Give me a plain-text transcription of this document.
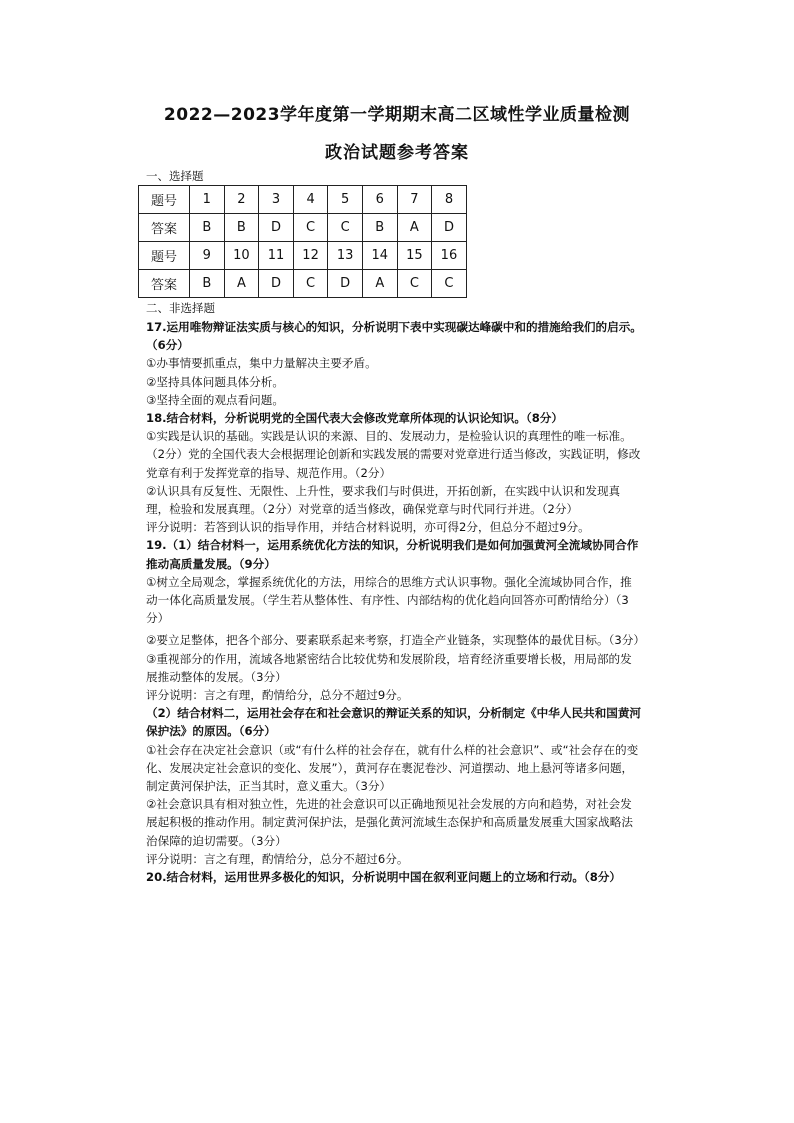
2022—2023学年度第一学期期末高二区域性学业质量检测
政治试题参考答案
一、选择题
题号	1	2	3	4	5	6	7	8
答案	B	B	D	C	C	B	A	D
题号	9	10	11	12	13	14	15	16
答案	B	A	D	C	D	A	C	C
二、非选择题

17.运用唯物辩证法实质与核心的知识，分析说明下表中实现碳达峰碳中和的措施给我们的启示。（6分）

①办事情要抓重点，集中力量解决主要矛盾。

②坚持具体问题具体分析。

③坚持全面的观点看问题。

18.结合材料，分析说明党的全国代表大会修改党章所体现的认识论知识。（8分）

①实践是认识的基础。实践是认识的来源、目的、发展动力，是检验认识的真理性的唯一标准。（2分）党的全国代表大会根据理论创新和实践发展的需要对党章进行适当修改，实践证明，修改党章有利于发挥党章的指导、规范作用。（2分）

②认识具有反复性、无限性、上升性，要求我们与时俱进，开拓创新，在实践中认识和发现真理，检验和发展真理。（2分）对党章的适当修改，确保党章与时代同行并进。（2分）

评分说明：若答到认识的指导作用，并结合材料说明，亦可得2分，但总分不超过9分。

19.（1）结合材料一，运用系统优化方法的知识，分析说明我们是如何加强黄河全流域协同合作推动高质量发展。（9分）

①树立全局观念，掌握系统优化的方法，用综合的思维方式认识事物。强化全流域协同合作，推动一体化高质量发展。（学生若从整体性、有序性、内部结构的优化趋向回答亦可酌情给分）（3分）

②要立足整体，把各个部分、要素联系起来考察，打造全产业链条，实现整体的最优目标。（3分）

③重视部分的作用，流域各地紧密结合比较优势和发展阶段，培育经济重要增长极，用局部的发展推动整体的发展。（3分）

评分说明：言之有理，酌情给分，总分不超过9分。

（2）结合材料二，运用社会存在和社会意识的辩证关系的知识，分析制定《中华人民共和国黄河保护法》的原因。（6分）

①社会存在决定社会意识（或“有什么样的社会存在，就有什么样的社会意识”、或“社会存在的变化、发展决定社会意识的变化、发展”），黄河存在裹泥卷沙、河道摆动、地上悬河等诸多问题，制定黄河保护法，正当其时，意义重大。（3分）

②社会意识具有相对独立性，先进的社会意识可以正确地预见社会发展的方向和趋势，对社会发展起积极的推动作用。制定黄河保护法，是强化黄河流域生态保护和高质量发展重大国家战略法治保障的迫切需要。（3分）

评分说明：言之有理，酌情给分，总分不超过6分。

20.结合材料，运用世界多极化的知识，分析说明中国在叙利亚问题上的立场和行动。（8分）
